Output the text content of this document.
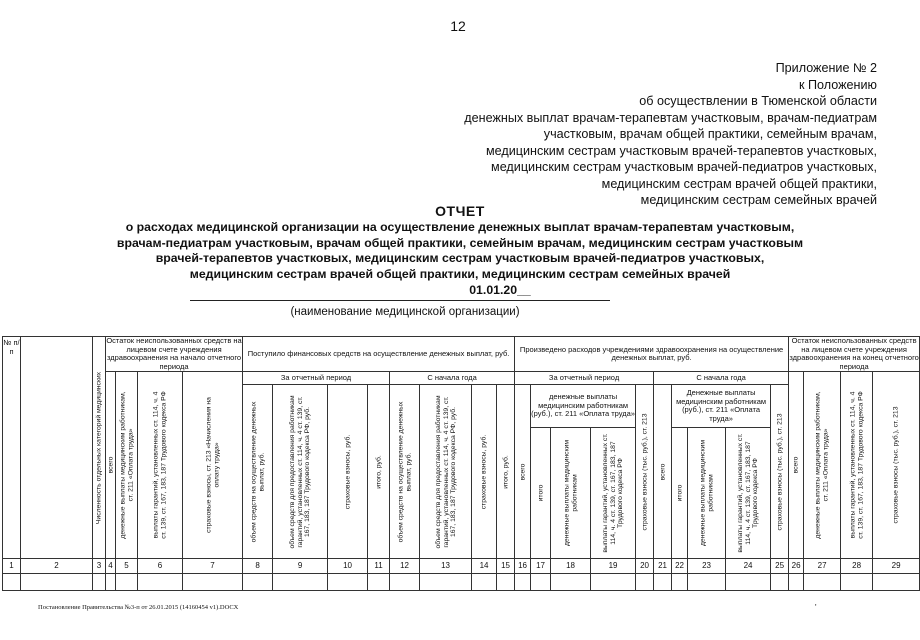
12
Приложение № 2
к Положению
об осуществлении в Тюменской области
денежных выплат врачам-терапевтам участковым, врачам-педиатрам
участковым, врачам общей практики, семейным врачам,
медицинским сестрам участковым врачей-терапевтов участковых,
медицинским сестрам участковым врачей-педиатров участковых,
медицинским сестрам врачей общей практики,
медицинским сестрам семейных врачей
ОТЧЕТ
о расходах медицинской организации на осуществление денежных выплат врачам-терапевтам участковым,
врачам-педиатрам участковым, врачам общей практики, семейным врачам, медицинским сестрам участковым
врачей-терапевтов участковых, медицинским сестрам участковым врачей-педиатров участковых,
медицинским сестрам врачей общей практики, медицинским сестрам семейных врачей
01.01.20__
(наименование медицинской организации)
№ п/п		Численность отдельных категорий медицинских	Остаток неиспользованных средств на лицевом счете учреждения здравоохранения на начало отчетного периода				Поступило финансовых средств на осуществление денежных выплат, руб.								Произведено расходов учреждениями здравоохранения на осуществление денежных выплат, руб.										Остаток неиспользованных средств на лицевом счете учреждения здравоохранения на конец отчетного периода			

			всего	денежные выплаты медицинским работникам, ст. 211 «Оплата труда»	выплаты гарантий, установленных ст. 114, ч. 4 ст. 139, ст. 167, 183, 187 Трудового кодекса РФ	страховые взносы, ст. 213 «Начисления на оплату труда»	За отчетный период				С начала года				За отчетный период					С начала года					всего	денежные выплаты медицинским работникам, ст. 211 «Оплата труда»	выплаты гарантий, установленных ст. 114, ч. 4 ст. 139, ст. 167, 183, 187 Трудового кодекса РФ	страховые взносы (тыс. руб.), ст. 213

							объем средств на осуществление денежных выплат, руб.	объем средств для предоставления работникам гарантий, установленных ст. 114, ч. 4 ст. 139, ст. 167, 183, 187 Трудового кодекса РФ, руб.	страховые взносы, руб.	итого, руб.	объем средств на осуществление денежных выплат, руб.	объем средств для предоставления работникам гарантий, установленных ст. 114, ч. 4 ст. 139, ст. 167, 183, 187 Трудового кодекса РФ, руб.	страховые взносы, руб.	итого, руб.	всего	денежные выплаты медицинским работникам (руб.), ст. 211 «Оплата труда»			страховые взносы (тыс. руб.), ст. 213	всего	Денежные выплаты медицинским работникам (руб.), ст. 211 «Оплата труда»			страховые взносы (тыс. руб.), ст. 213				

																итого	денежные выплаты медицинским работникам	выплаты гарантий, установленных ст. 114, ч. 4 ст. 139, ст. 167, 183, 187 Трудового кодекса РФ			итого	денежные выплаты медицинским работникам	выплаты гарантий, установленных ст. 114, ч. 4 ст. 139, ст. 167, 183, 187 Трудового кодекса РФ					

1	2	3	4	5	6	7	8	9	10	11	12	13	14	15	16	17	18	19	20	21	22	23	24	25	26	27	28	29

Постановление Правительства №3-п от 26.01.2015 (14160454 v1).DOCX	'
